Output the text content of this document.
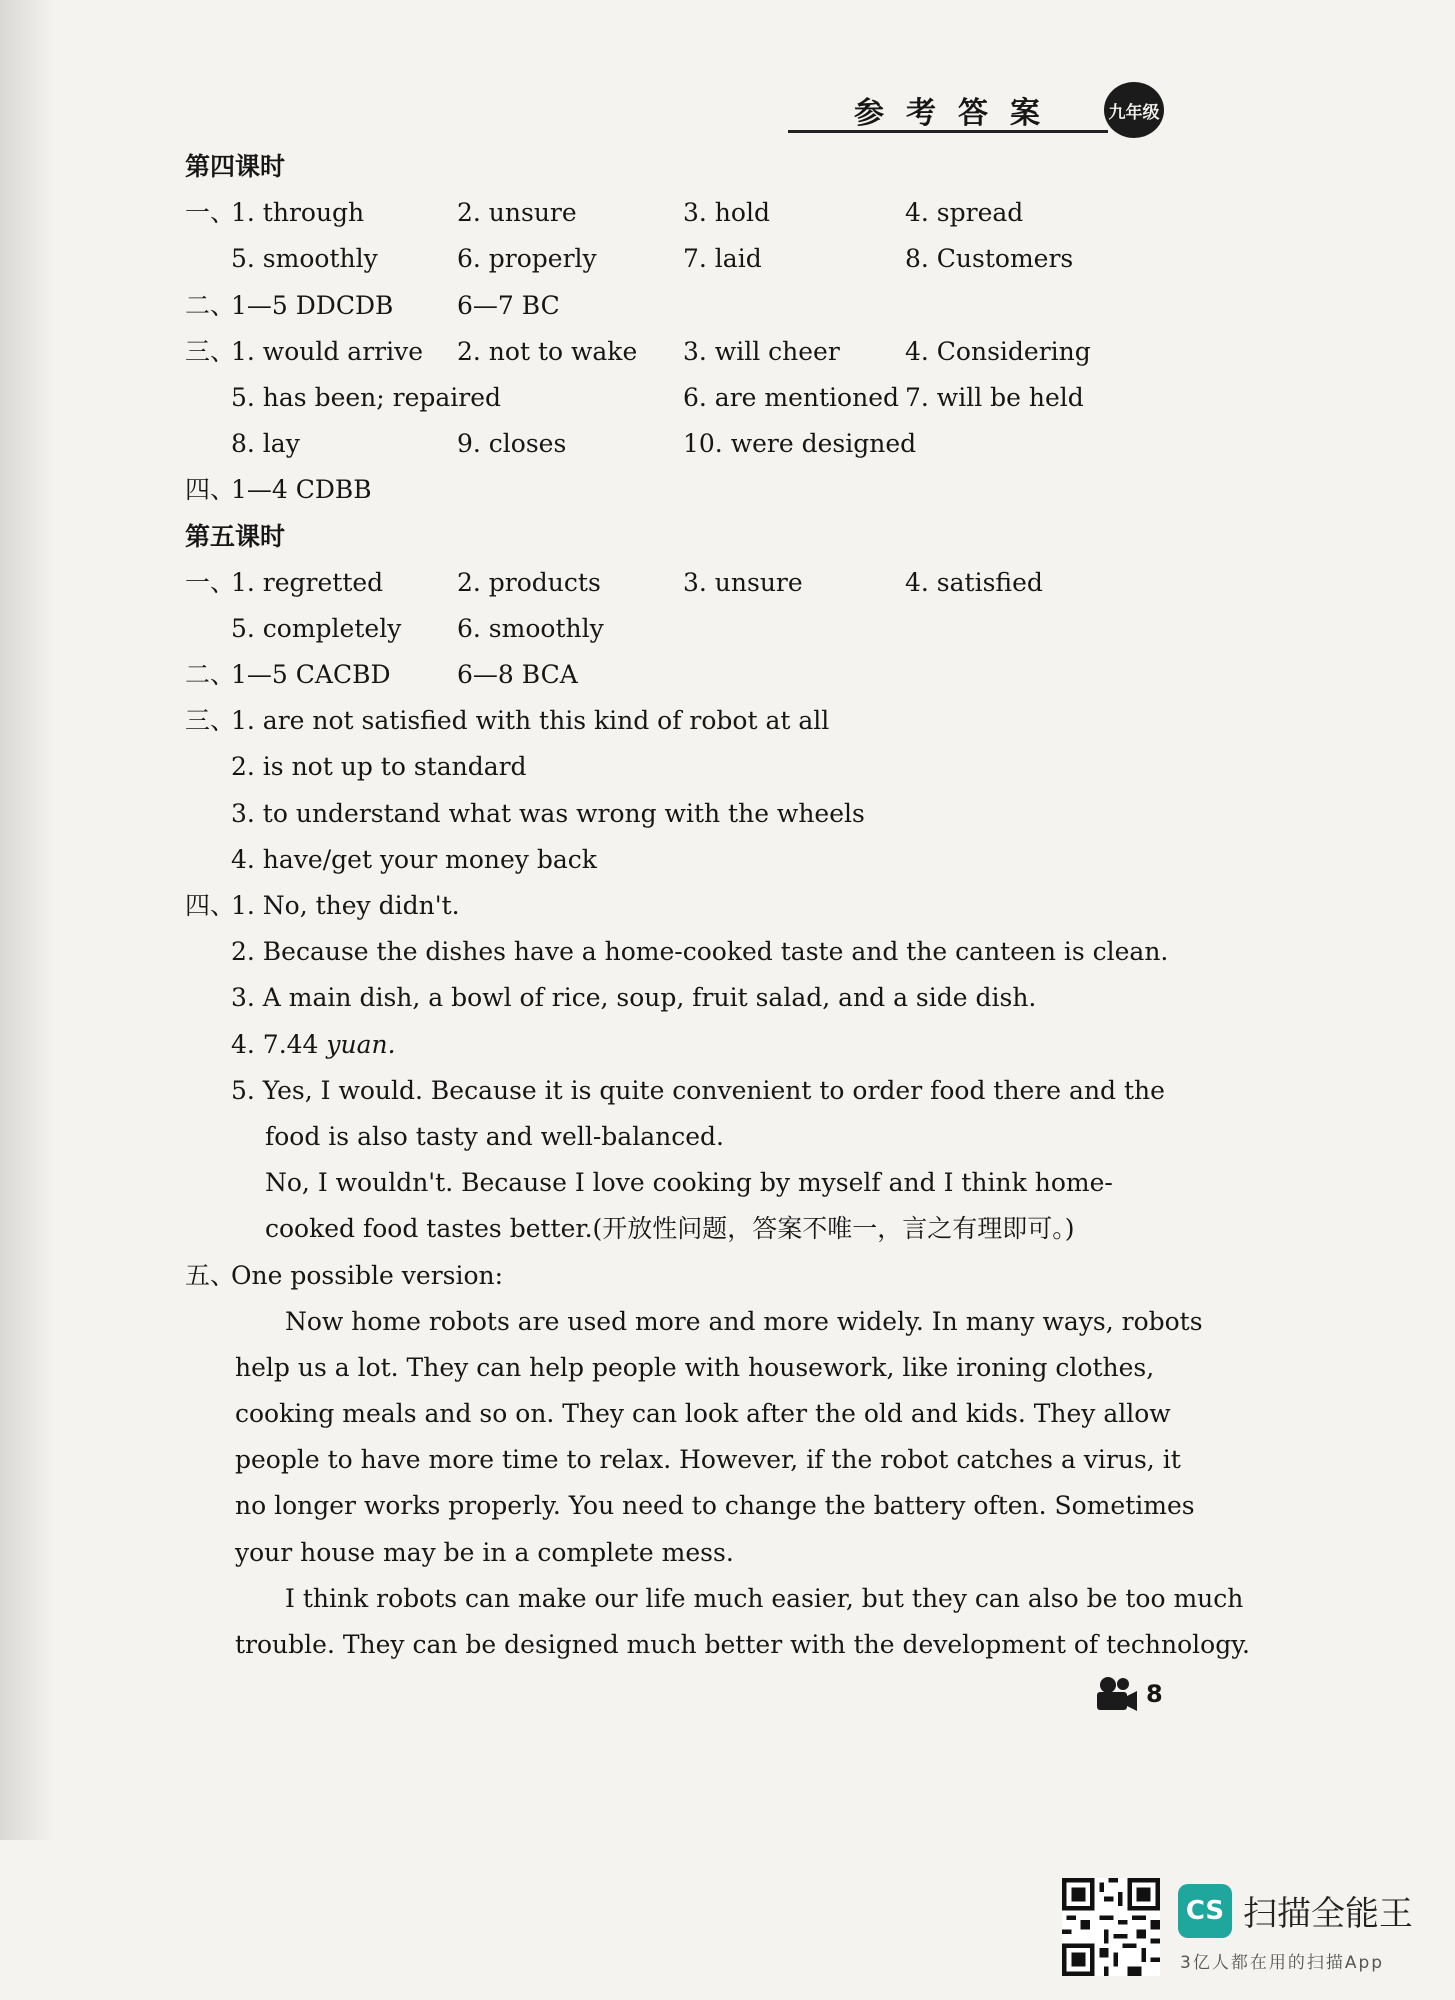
参考答案	九年级
第四课时
一、
1. through	2. unsure	3. hold	4. spread
5. smoothly	6. properly	7. laid	8. Customers
二、
1—5 DDCDB	6—7 BC
三、
1. would arrive 2. not to wake 3. will cheer	4. Considering
5. has been; repaired	6. are mentioned 7. will be held
8. lay	9. closes	10. were designed
四、
1—4 CDBB
第五课时
一、
1. regretted	2. products	3. unsure	4. satisfied
5. completely 6. smoothly
二、
1—5 CACBD	6—8 BCA
三、
1. are not satisfied with this kind of robot at all
2. is not up to standard
3. to understand what was wrong with the wheels
4. have/get your money back
四、
1. No, they didn't.
2. Because the dishes have a home-cooked taste and the canteen is clean.
3. A main dish, a bowl of rice, soup, fruit salad, and a side dish.
4. 7.44 yuan.
5. Yes, I would. Because it is quite convenient to order food there and the
food is also tasty and well-balanced.
No, I wouldn't. Because I love cooking by myself and I think home-
cooked food tastes better.(开放性问题，答案不唯一，言之有理即可。)
五、
One possible version:
Now home robots are used more and more widely. In many ways, robots
help us a lot. They can help people with housework, like ironing clothes,
cooking meals and so on. They can look after the old and kids. They allow
people to have more time to relax. However, if the robot catches a virus, it
no longer works properly. You need to change the battery often. Sometimes
your house may be in a complete mess.
I think robots can make our life much easier, but they can also be too much
trouble. They can be designed much better with the development of technology.
8
CS 扫描全能王
3亿人都在用的扫描App
